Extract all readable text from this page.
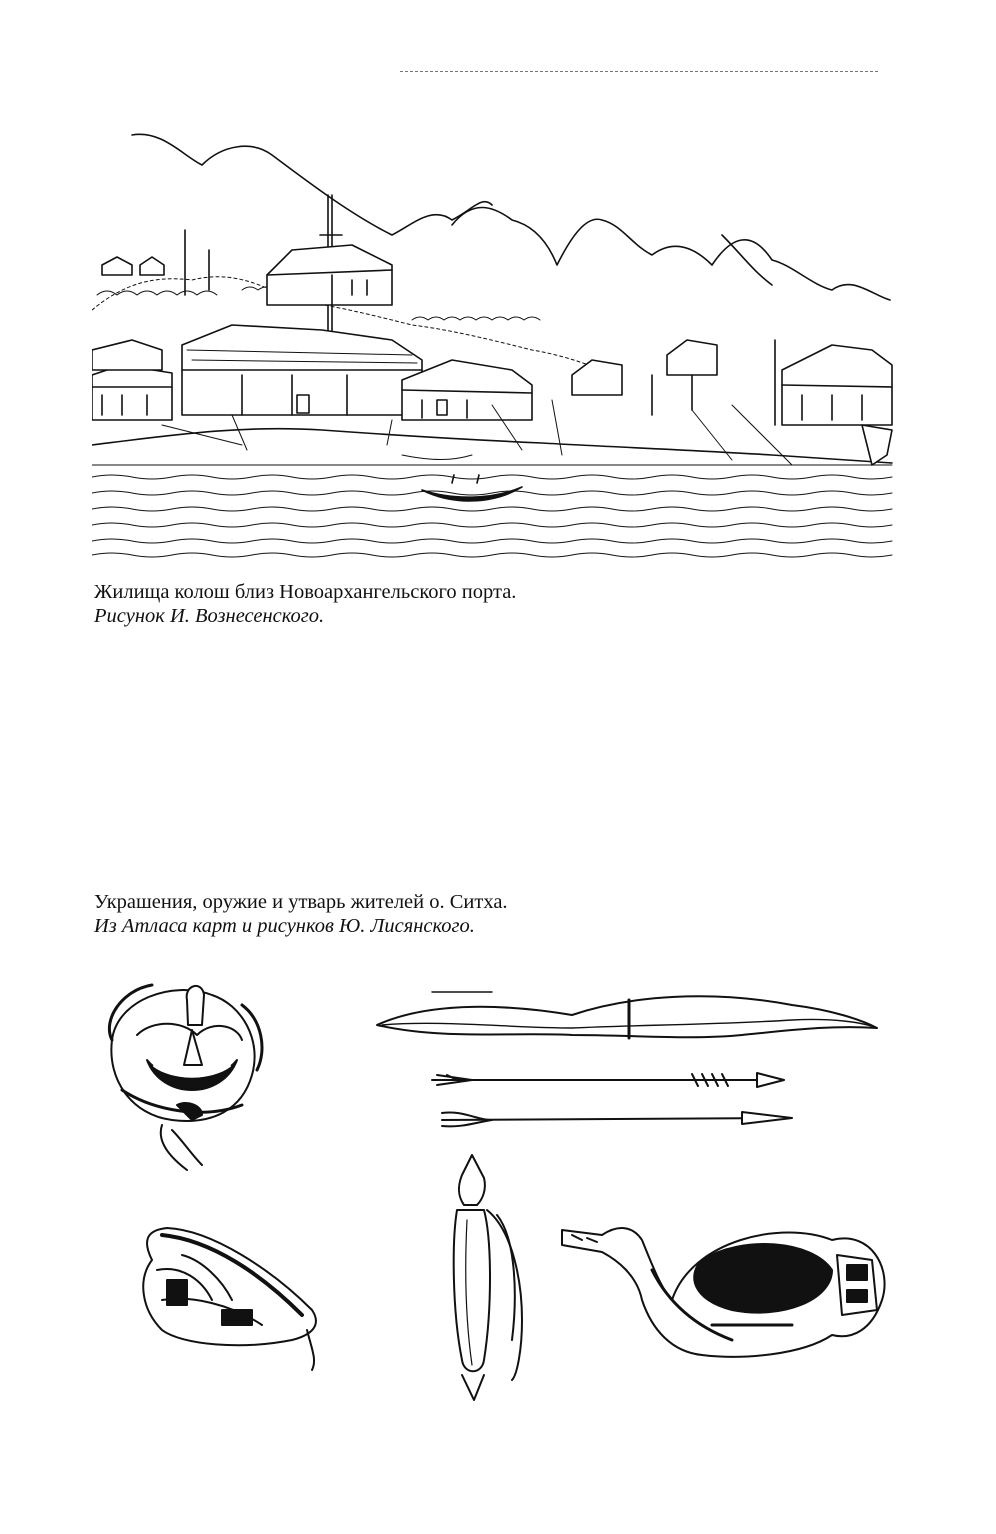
Жилища колош близ Новоархангельского порта.
Рисунок И. Вознесенского.
Украшения, оружие и утварь жителей о. Ситха.
Из Атласа карт и рисунков Ю. Лисянского.
